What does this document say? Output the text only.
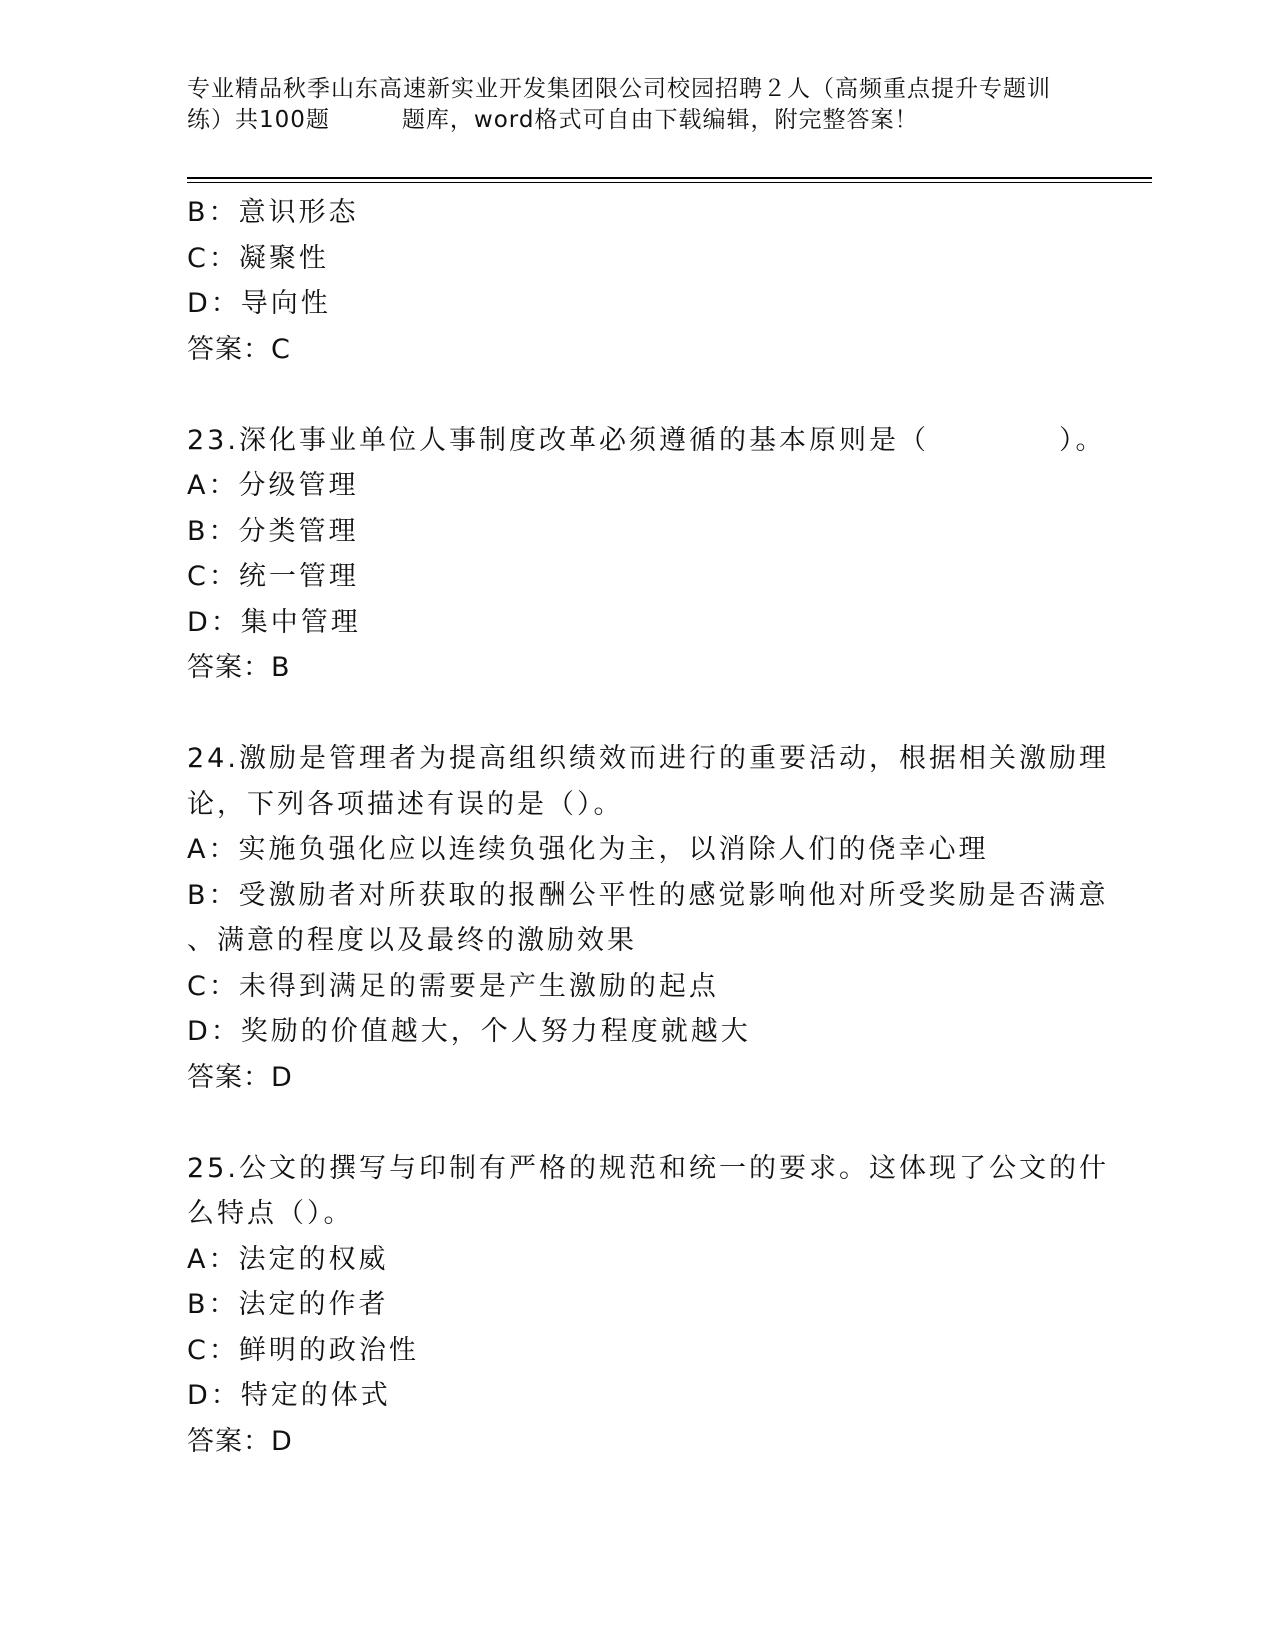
专业精品秋季山东高速新实业开发集团限公司校园招聘２人（高频重点提升专题训
练）共100题	题库，word格式可自由下载编辑，附完整答案！
B：意识形态
C：凝聚性
D：导向性
答案：C
23.深化事业单位人事制度改革必须遵循的基本原则是（	）。
A：分级管理
B：分类管理
C：统一管理
D：集中管理
答案：B
24.激励是管理者为提高组织绩效而进行的重要活动，根据相关激励理
论，下列各项描述有误的是（）。
A：实施负强化应以连续负强化为主，以消除人们的侥幸心理
B：受激励者对所获取的报酬公平性的感觉影响他对所受奖励是否满意
、满意的程度以及最终的激励效果
C：未得到满足的需要是产生激励的起点
D：奖励的价值越大，个人努力程度就越大
答案：D
25.公文的撰写与印制有严格的规范和统一的要求。这体现了公文的什
么特点（）。
A：法定的权威
B：法定的作者
C：鲜明的政治性
D：特定的体式
答案：D
